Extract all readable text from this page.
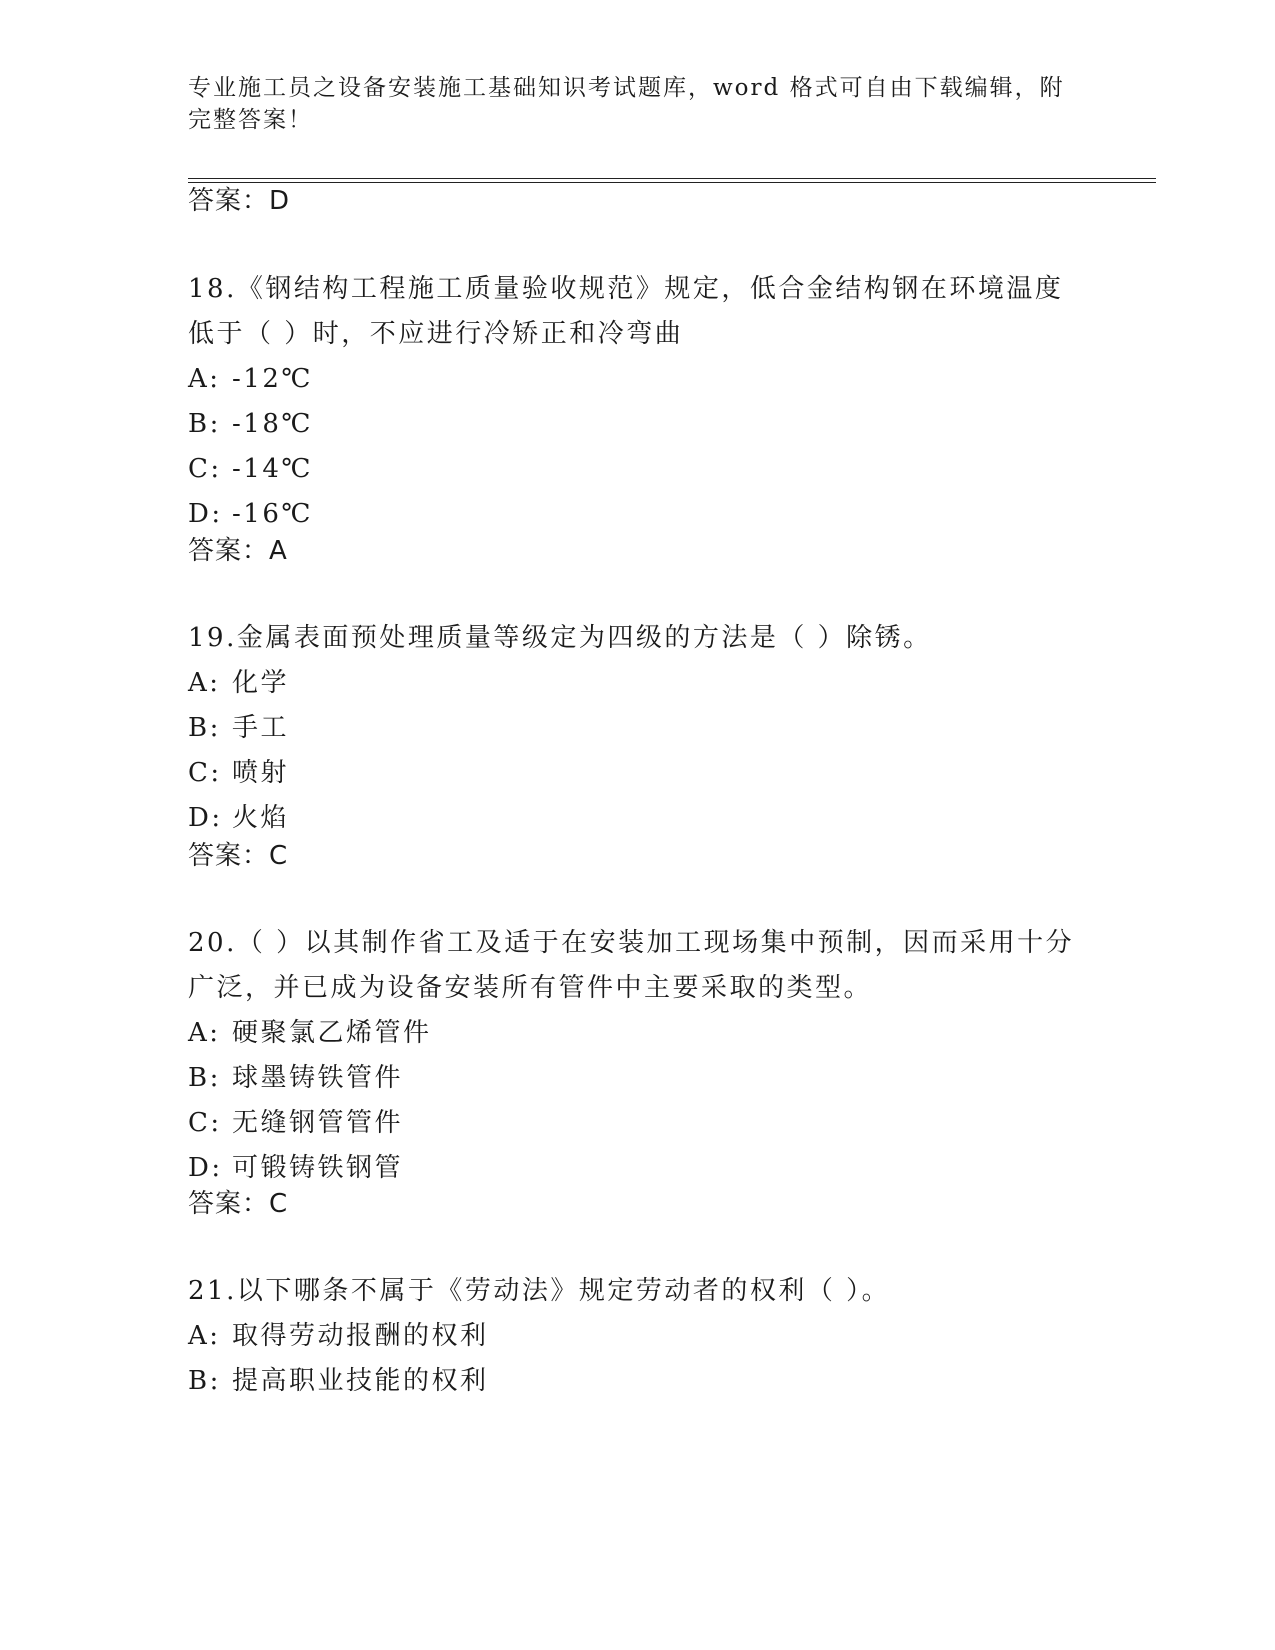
专业施工员之设备安装施工基础知识考试题库，word 格式可自由下载编辑，附完整答案！
答案：D
18.《钢结构工程施工质量验收规范》规定，低合金结构钢在环境温度低于（ ）时，不应进行冷矫正和冷弯曲
A: -12℃
B: -18℃
C: -14℃
D: -16℃
答案：A
19.金属表面预处理质量等级定为四级的方法是（ ）除锈。
A: 化学
B: 手工
C: 喷射
D: 火焰
答案：C
20.（ ）以其制作省工及适于在安装加工现场集中预制，因而采用十分广泛，并已成为设备安装所有管件中主要采取的类型。
A: 硬聚氯乙烯管件
B: 球墨铸铁管件
C: 无缝钢管管件
D: 可锻铸铁钢管
答案：C
21.以下哪条不属于《劳动法》规定劳动者的权利（ ）。
A: 取得劳动报酬的权利
B: 提高职业技能的权利
